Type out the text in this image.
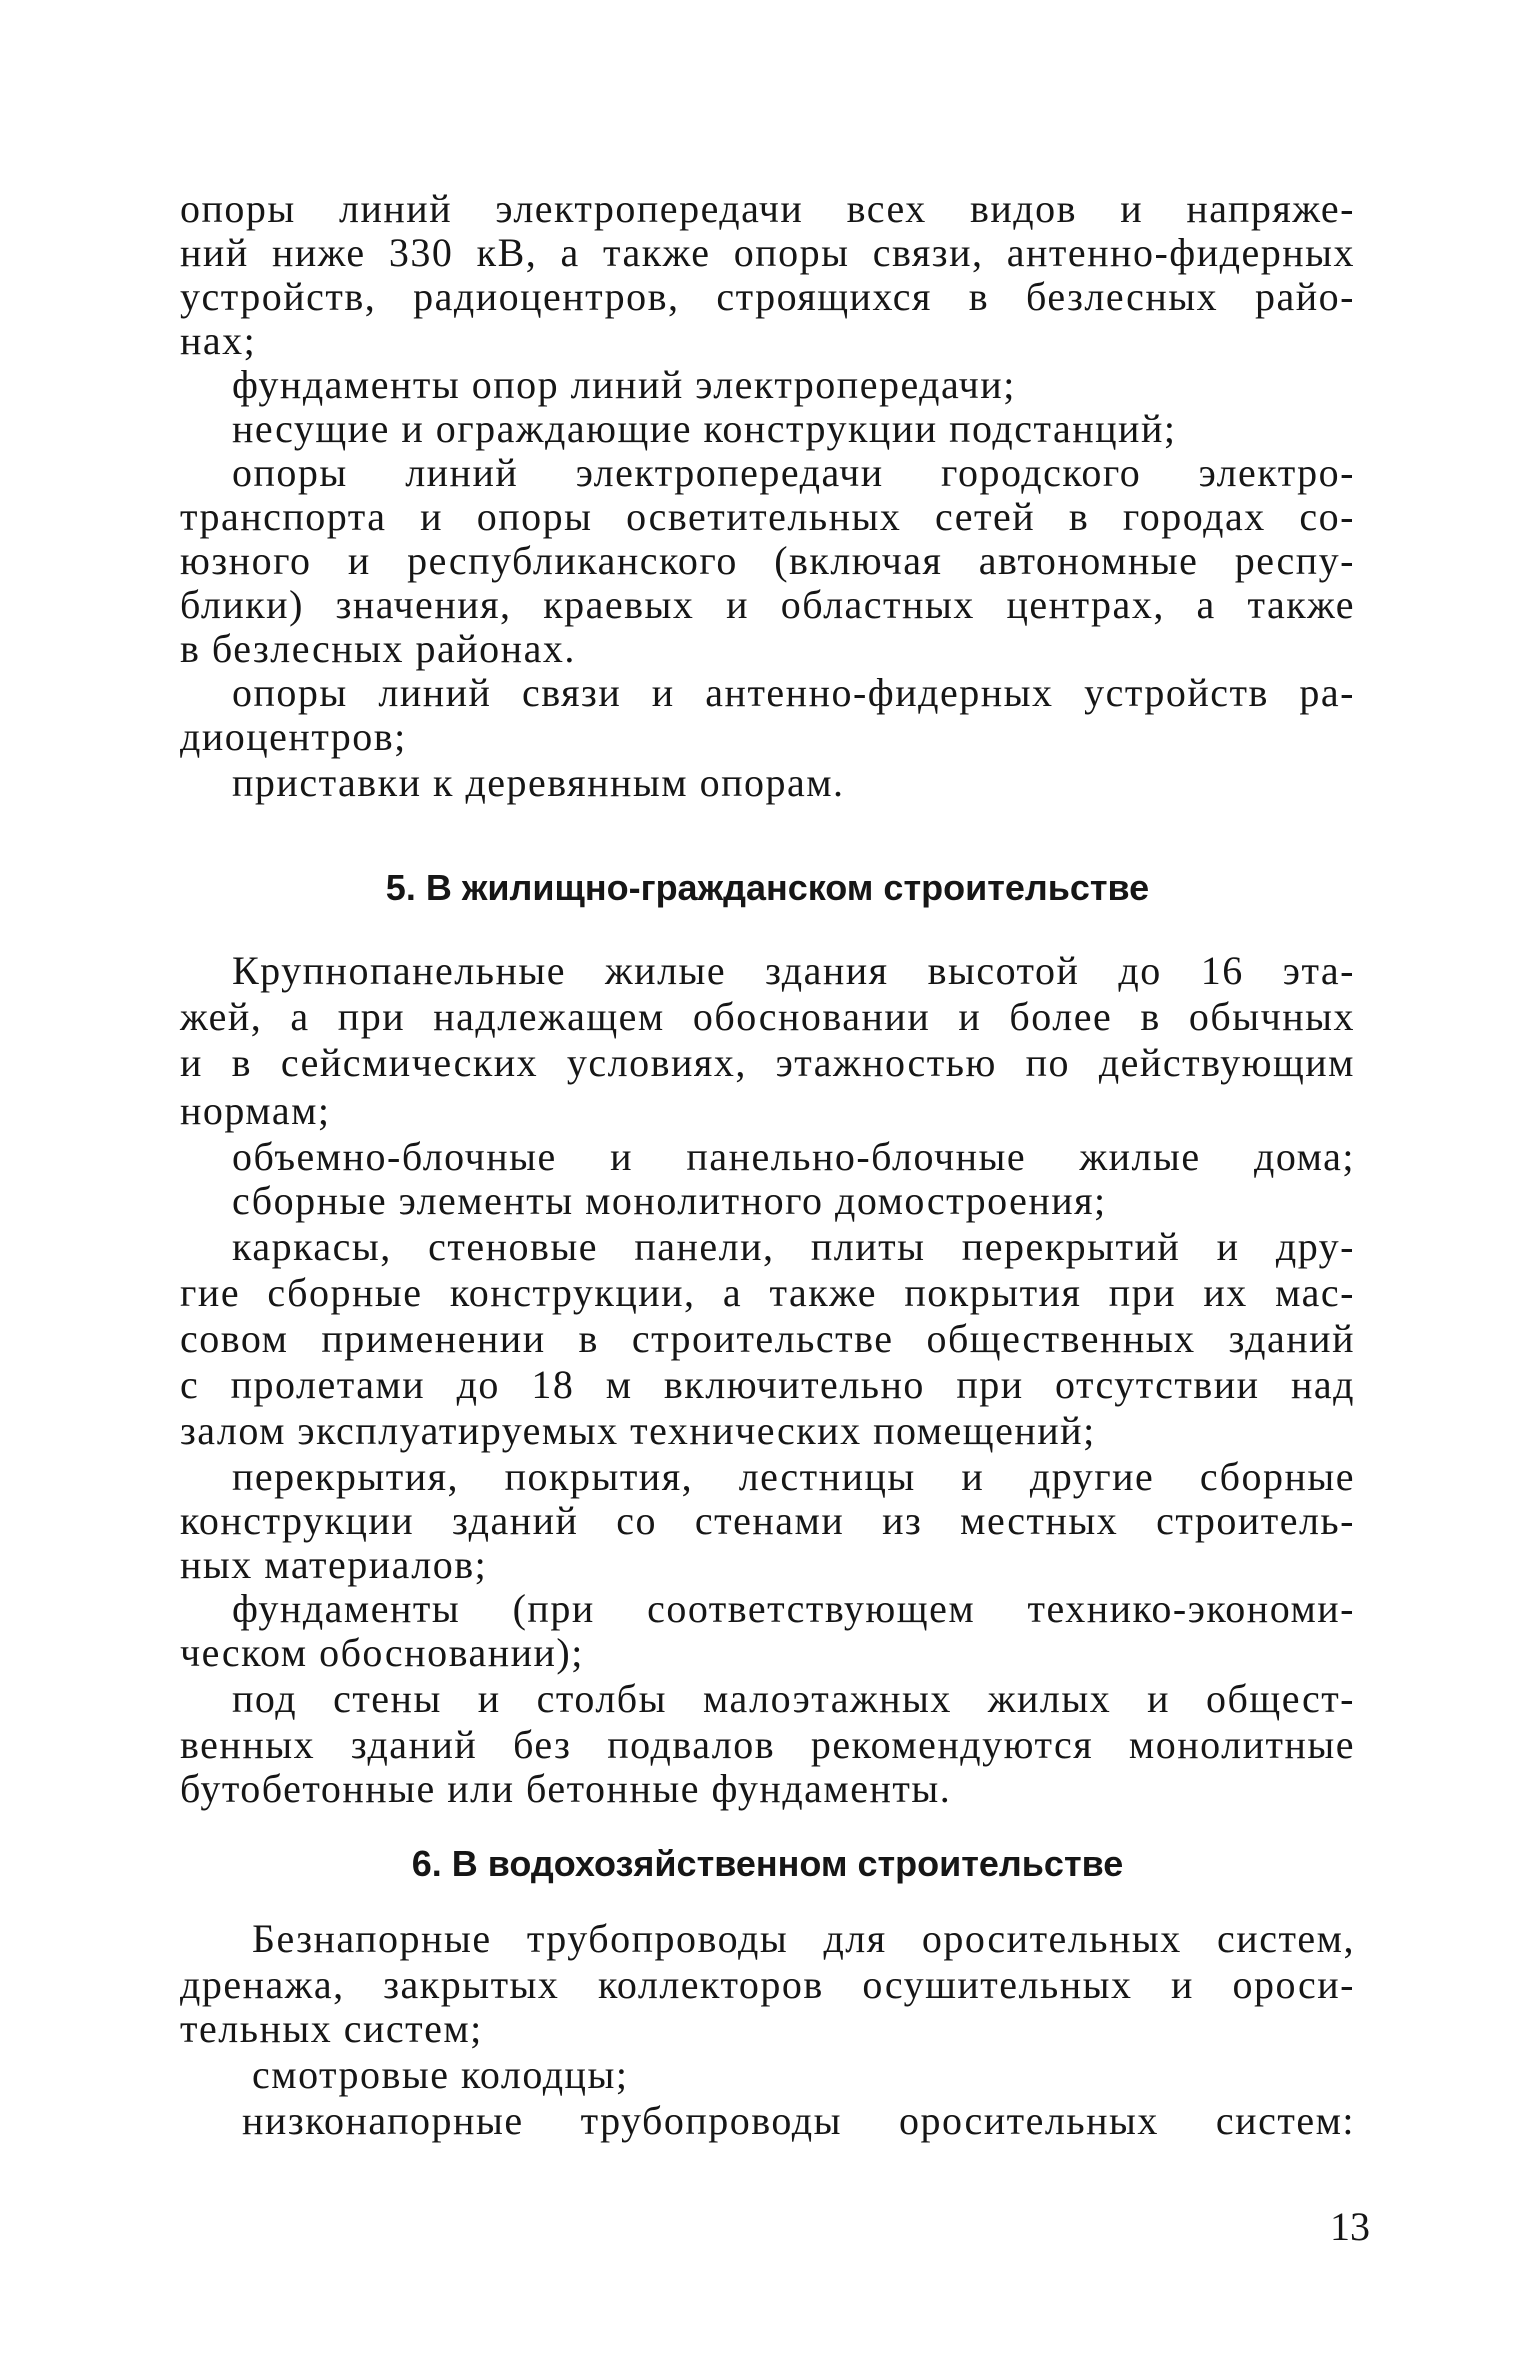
опоры линий электропередачи всех видов и напряже-
ний ниже 330 кВ, а также опоры связи, антенно-фидерных
устройств, радиоцентров, строящихся в безлесных райо-
нах;
фундаменты опор линий электропередачи;
несущие и ограждающие конструкции подстанций;
опоры линий электропередачи городского электро-
транспорта и опоры осветительных сетей в городах со-
юзного и республиканского (включая автономные респу-
блики) значения, краевых и областных центрах, а также
в безлесных районах.
опоры линий связи и антенно-фидерных устройств ра-
диоцентров;
приставки к деревянным опорам.
5. В жилищно-гражданском строительстве
Крупнопанельные жилые здания высотой до 16 эта-
жей, а при надлежащем обосновании и более в обычных
и в сейсмических условиях, этажностью по действующим
нормам;
объемно-блочные и панельно-блочные жилые дома;
сборные элементы монолитного домостроения;
каркасы, стеновые панели, плиты перекрытий и дру-
гие сборные конструкции, а также покрытия при их мас-
совом применении в строительстве общественных зданий
с пролетами до 18 м включительно при отсутствии над
залом эксплуатируемых технических помещений;
перекрытия, покрытия, лестницы и другие сборные
конструкции зданий со стенами из местных строитель-
ных материалов;
фундаменты (при соответствующем технико-экономи-
ческом обосновании);
под стены и столбы малоэтажных жилых и общест-
венных зданий без подвалов рекомендуются монолитные
бутобетонные или бетонные фундаменты.
6. В водохозяйственном строительстве
Безнапорные трубопроводы для оросительных систем,
дренажа, закрытых коллекторов осушительных и ороси-
тельных систем;
смотровые колодцы;
низконапорные трубопроводы оросительных систем:
13
